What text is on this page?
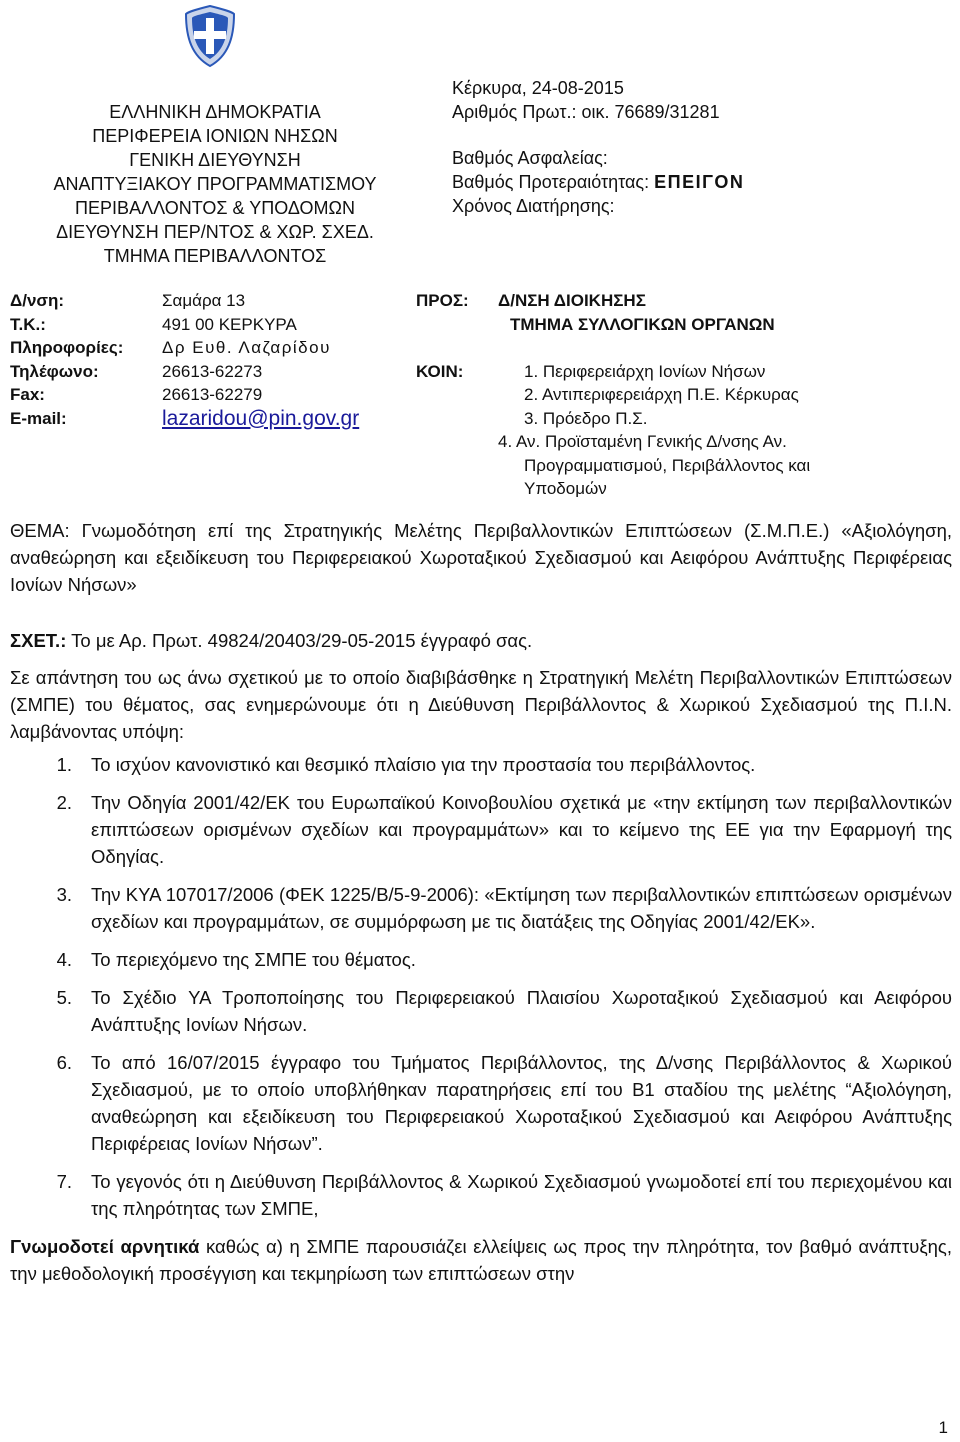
ΕΛΛΗΝΙΚΗ ΔΗΜΟΚΡΑΤΙΑ
ΠΕΡΙΦΕΡΕΙΑ ΙΟΝΙΩΝ ΝΗΣΩΝ
ΓΕΝΙΚΗ ΔΙΕΥΘΥΝΣΗ
ΑΝΑΠΤΥΞΙΑΚΟΥ ΠΡΟΓΡΑΜΜΑΤΙΣΜΟΥ
ΠΕΡΙΒΑΛΛΟΝΤΟΣ & ΥΠΟΔΟΜΩΝ
ΔΙΕΥΘΥΝΣΗ ΠΕΡ/ΝΤΟΣ & ΧΩΡ. ΣΧΕΔ.
ΤΜΗΜΑ ΠΕΡΙΒΑΛΛΟΝΤΟΣ
Κέρκυρα, 24-08-2015
Αριθμός Πρωτ.: οικ. 76689/31281
Βαθμός Ασφαλείας:
Βαθμός Προτεραιότητας: ΕΠΕΙΓΟΝ
Χρόνος Διατήρησης:
Δ/νση:	Σαμάρα 13
Τ.Κ.:	491 00 ΚΕΡΚΥΡΑ
Πληροφορίες:	Δρ Ευθ. Λαζαρίδου
Τηλέφωνο:	26613-62273
Fax:	26613-62279
E-mail:	lazaridou@pin.gov.gr
ΠΡΟΣ:	Δ/ΝΣΗ ΔΙΟΙΚΗΣΗΣ
ΤΜΗΜΑ ΣΥΛΛΟΓΙΚΩΝ ΟΡΓΑΝΩΝ
ΚΟΙΝ:	1. Περιφερειάρχη Ιονίων Νήσων
2. Αντιπεριφερειάρχη Π.Ε. Κέρκυρας
3. Πρόεδρο Π.Σ.
4. Αν. Προϊσταμένη Γενικής Δ/νσης Αν.
Προγραμματισμού, Περιβάλλοντος και
Υποδομών

ΘΕΜΑ: Γνωμοδότηση επί της Στρατηγικής Μελέτης Περιβαλλοντικών Επιπτώσεων (Σ.Μ.Π.Ε.) «Αξιολόγηση, αναθεώρηση και εξειδίκευση του Περιφερειακού Χωροταξικού Σχεδιασμού και Αειφόρου Ανάπτυξης Περιφέρειας Ιονίων Νήσων»

ΣΧΕΤ.: Το με Αρ. Πρωτ. 49824/20403/29-05-2015 έγγραφό σας.

Σε απάντηση του ως άνω σχετικού με το οποίο διαβιβάσθηκε η Στρατηγική Μελέτη Περιβαλλοντικών Επιπτώσεων (ΣΜΠΕ) του θέματος, σας ενημερώνουμε ότι η Διεύθυνση Περιβάλλοντος & Χωρικού Σχεδιασμού της Π.Ι.Ν. λαμβάνοντας υπόψη:

1.	Το ισχύον κανονιστικό και θεσμικό πλαίσιο για την προστασία του περιβάλλοντος.
2.	Την Οδηγία 2001/42/ΕΚ του Ευρωπαϊκού Κοινοβουλίου σχετικά με «την εκτίμηση των περιβαλλοντικών επιπτώσεων ορισμένων σχεδίων και προγραμμάτων» και το κείμενο της ΕΕ για την Εφαρμογή της Οδηγίας.
3.	Την ΚΥΑ 107017/2006 (ΦΕΚ 1225/Β/5-9-2006): «Εκτίμηση των περιβαλλοντικών επιπτώσεων ορισμένων σχεδίων και προγραμμάτων, σε συμμόρφωση με τις διατάξεις της Οδηγίας 2001/42/ΕΚ».
4.	Το περιεχόμενο της ΣΜΠΕ του θέματος.
5.	Το Σχέδιο ΥΑ Τροποποίησης του Περιφερειακού Πλαισίου Χωροταξικού Σχεδιασμού και Αειφόρου Ανάπτυξης Ιονίων Νήσων.
6.	Το από 16/07/2015 έγγραφο του Τμήματος Περιβάλλοντος, της Δ/νσης Περιβάλλοντος & Χωρικού Σχεδιασμού, με το οποίο υποβλήθηκαν παρατηρήσεις επί του Β1 σταδίου της μελέτης “Αξιολόγηση, αναθεώρηση και εξειδίκευση του Περιφερειακού Χωροταξικού Σχεδιασμού και Αειφόρου Ανάπτυξης Περιφέρειας Ιονίων Νήσων”.
7.	Το γεγονός ότι η Διεύθυνση Περιβάλλοντος & Χωρικού Σχεδιασμού γνωμοδοτεί επί του περιεχομένου και της πληρότητας των ΣΜΠΕ,

Γνωμοδοτεί αρνητικά καθώς α) η ΣΜΠΕ παρουσιάζει ελλείψεις ως προς την πληρότητα, τον βαθμό ανάπτυξης, την μεθοδολογική προσέγγιση και τεκμηρίωση των επιπτώσεων στην

1
